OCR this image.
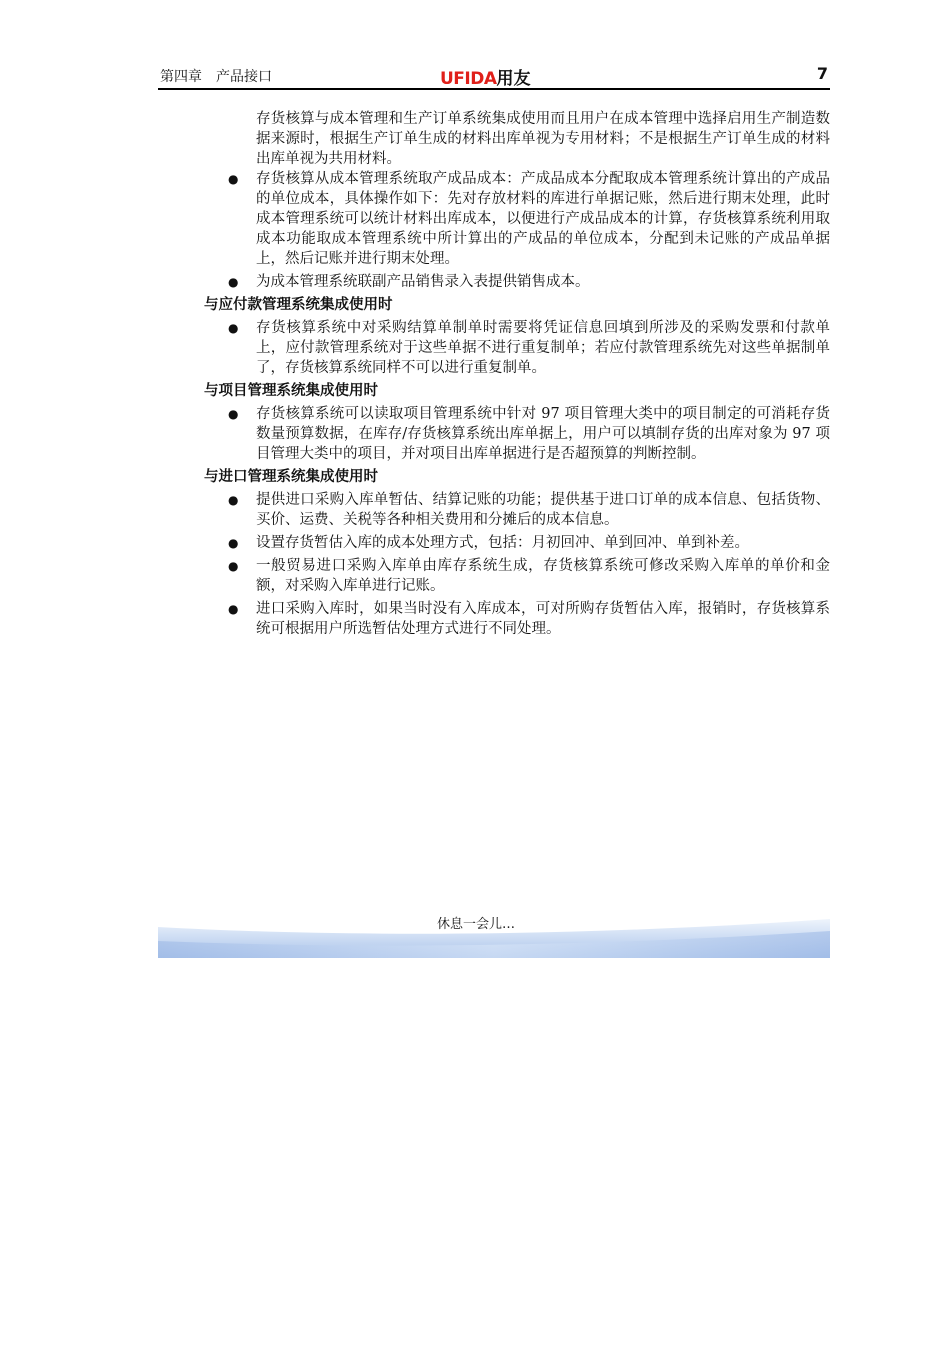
第四章　产品接口	UFIDA用友	7

存货核算与成本管理和生产订单系统集成使用而且用户在成本管理中选择启用生产制造数据来源时，根据生产订单生成的材料出库单视为专用材料；不是根据生产订单生成的材料出库单视为共用材料。

● 存货核算从成本管理系统取产成品成本：产成品成本分配取成本管理系统计算出的产成品的单位成本，具体操作如下：先对存放材料的库进行单据记账，然后进行期末处理，此时成本管理系统可以统计材料出库成本，以便进行产成品成本的计算，存货核算系统利用取成本功能取成本管理系统中所计算出的产成品的单位成本，分配到未记账的产成品单据上，然后记账并进行期末处理。
● 为成本管理系统联副产品销售录入表提供销售成本。
与应付款管理系统集成使用时
● 存货核算系统中对采购结算单制单时需要将凭证信息回填到所涉及的采购发票和付款单上，应付款管理系统对于这些单据不进行重复制单；若应付款管理系统先对这些单据制单了，存货核算系统同样不可以进行重复制单。
与项目管理系统集成使用时
● 存货核算系统可以读取项目管理系统中针对 97 项目管理大类中的项目制定的可消耗存货数量预算数据，在库存/存货核算系统出库单据上，用户可以填制存货的出库对象为 97 项目管理大类中的项目，并对项目出库单据进行是否超预算的判断控制。
与进口管理系统集成使用时
● 提供进口采购入库单暂估、结算记账的功能；提供基于进口订单的成本信息、包括货物、买价、运费、关税等各种相关费用和分摊后的成本信息。
● 设置存货暂估入库的成本处理方式，包括：月初回冲、单到回冲、单到补差。
● 一般贸易进口采购入库单由库存系统生成，存货核算系统可修改采购入库单的单价和金额，对采购入库单进行记账。
● 进口采购入库时，如果当时没有入库成本，可对所购存货暂估入库，报销时，存货核算系统可根据用户所选暂估处理方式进行不同处理。
休息一会儿…
